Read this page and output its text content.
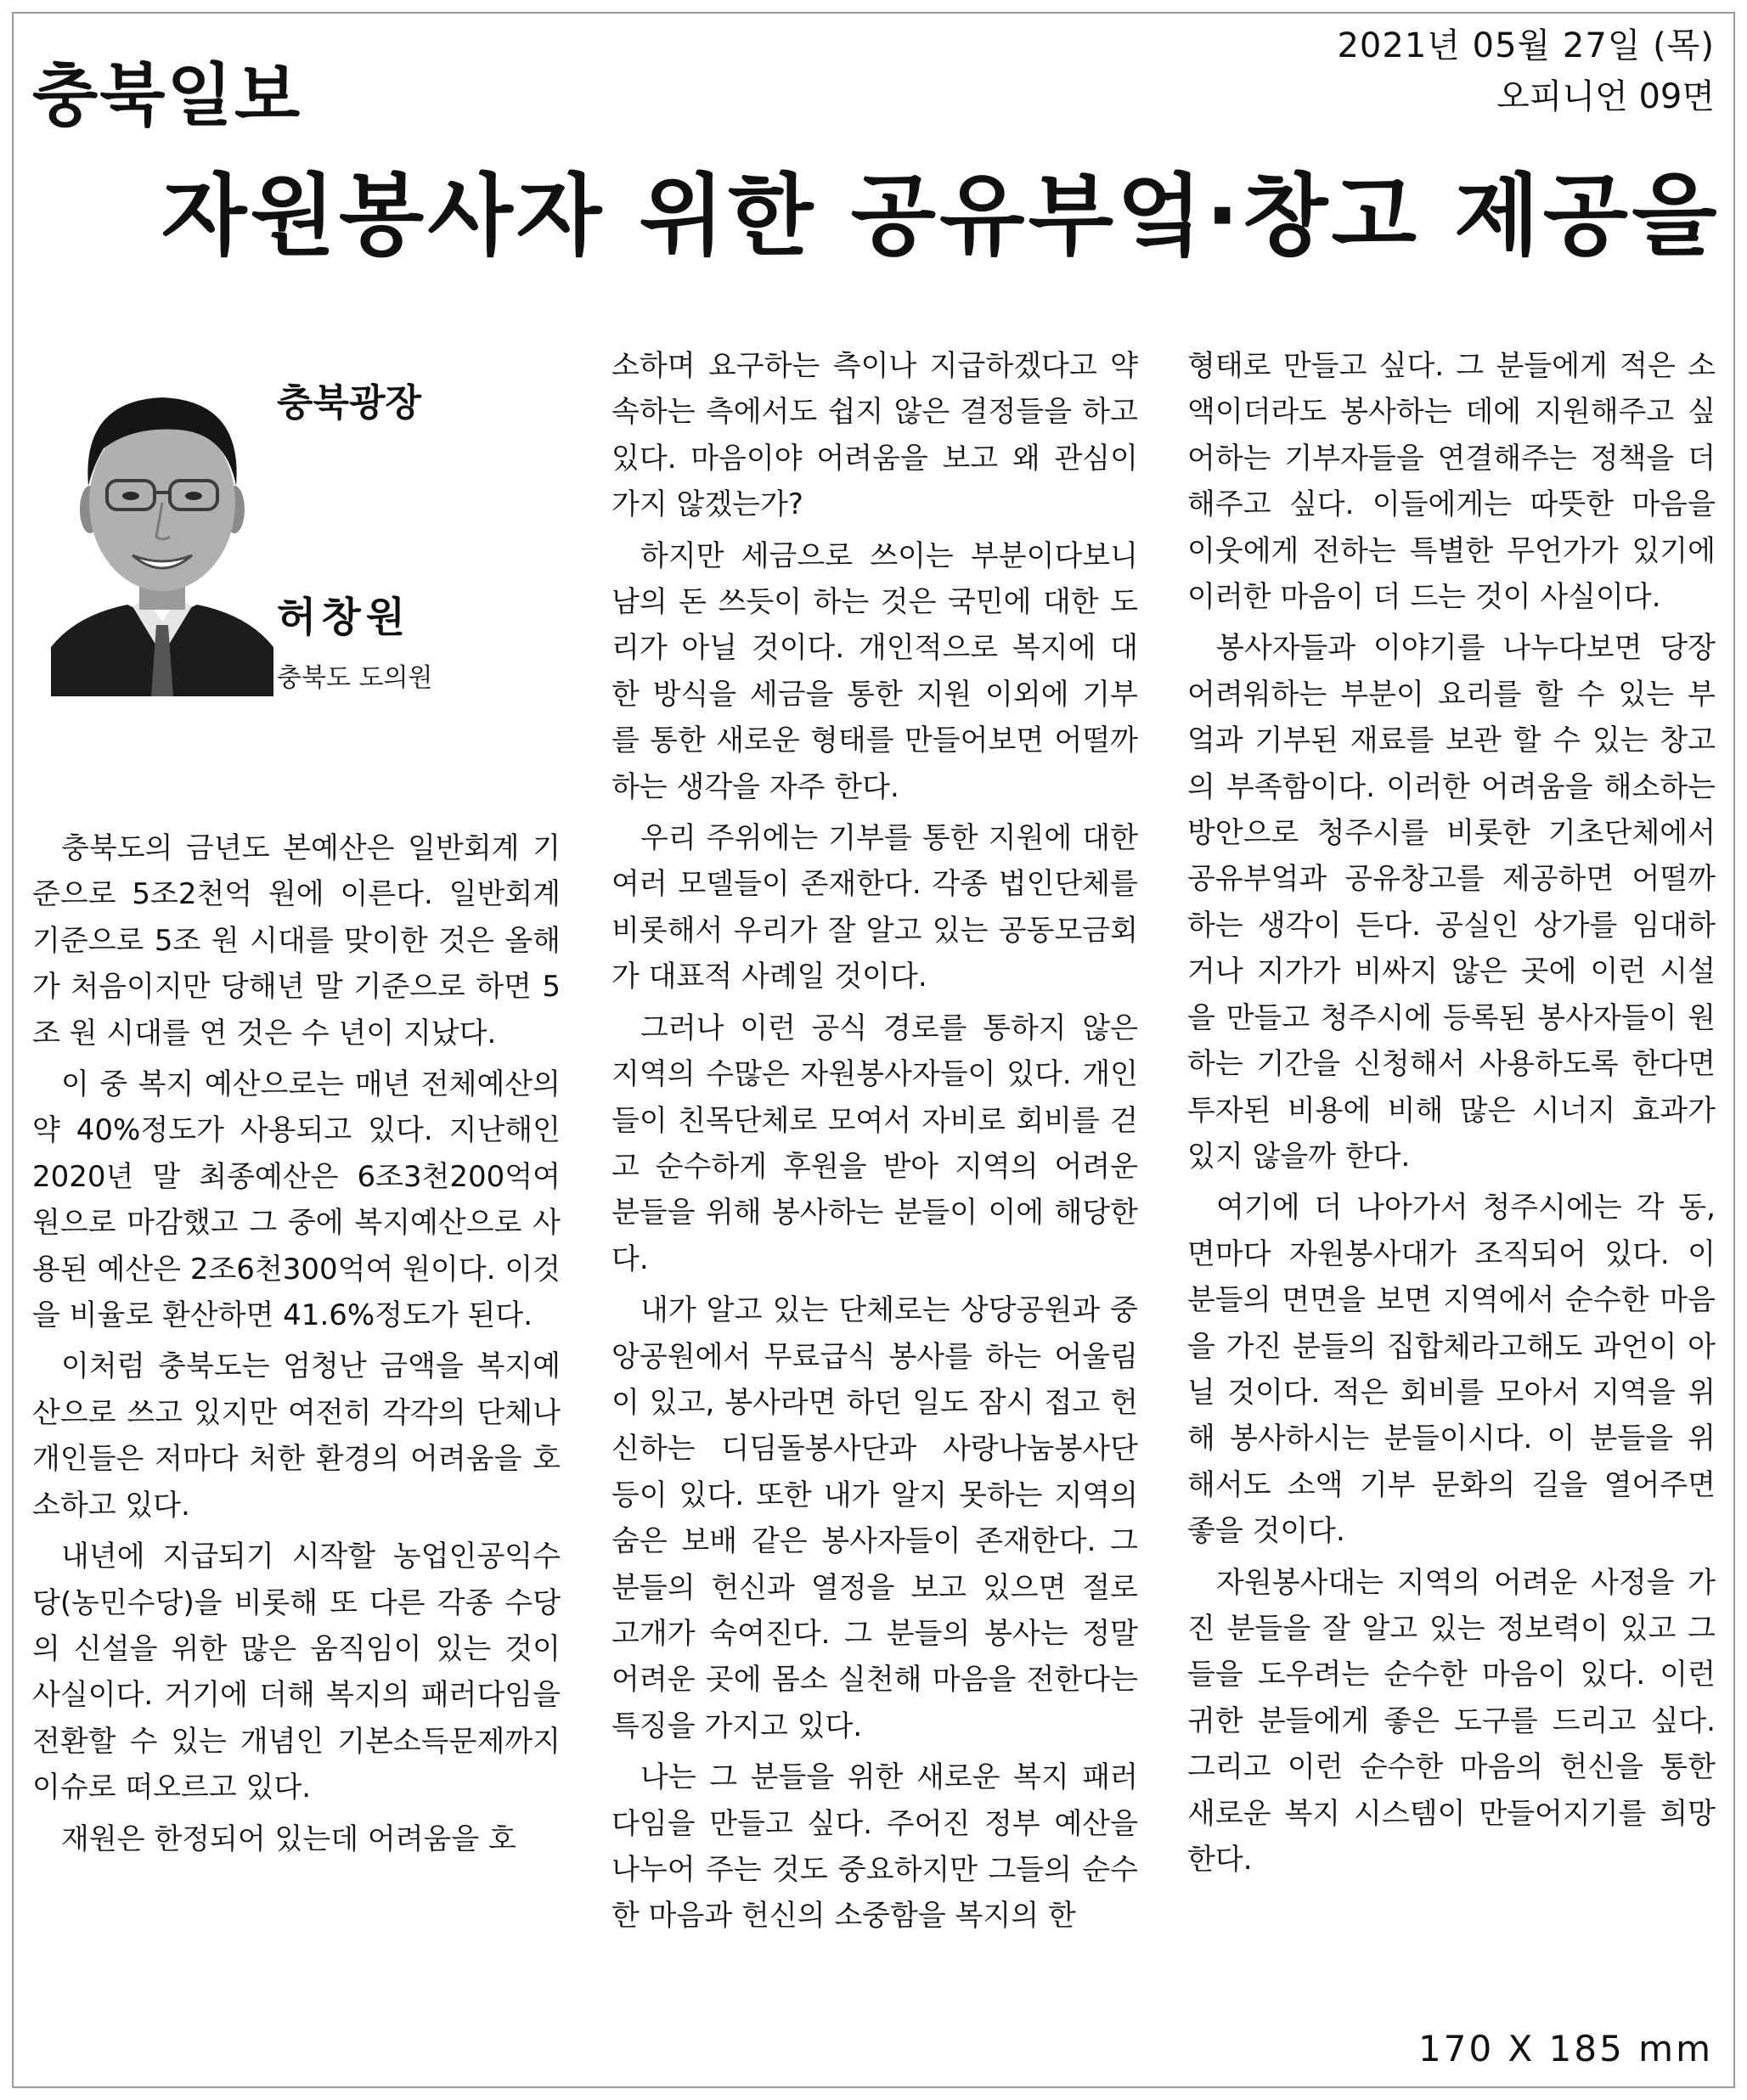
2021년 05월 27일 (목)
오피니언 09면
충북일보
자원봉사자 위한 공유부엌·창고 제공을
충북광장
허창원
충북도 도의원

충북도의 금년도 본예산은 일반회계 기준으로 5조2천억 원에 이른다. 일반회계 기준으로 5조 원 시대를 맞이한 것은 올해가 처음이지만 당해년 말 기준으로 하면 5조 원 시대를 연 것은 수 년이 지났다.

이 중 복지 예산으로는 매년 전체예산의 약 40%정도가 사용되고 있다. 지난해인 2020년 말 최종예산은 6조3천200억여 원으로 마감했고 그 중에 복지예산으로 사용된 예산은 2조6천300억여 원이다. 이것을 비율로 환산하면 41.6%정도가 된다.

이처럼 충북도는 엄청난 금액을 복지예산으로 쓰고 있지만 여전히 각각의 단체나 개인들은 저마다 처한 환경의 어려움을 호소하고 있다.

내년에 지급되기 시작할 농업인공익수당(농민수당)을 비롯해 또 다른 각종 수당의 신설을 위한 많은 움직임이 있는 것이 사실이다. 거기에 더해 복지의 패러다임을 전환할 수 있는 개념인 기본소득문제까지 이슈로 떠오르고 있다.

재원은 한정되어 있는데 어려움을 호

소하며 요구하는 측이나 지급하겠다고 약속하는 측에서도 쉽지 않은 결정들을 하고 있다. 마음이야 어려움을 보고 왜 관심이 가지 않겠는가?

하지만 세금으로 쓰이는 부분이다보니 남의 돈 쓰듯이 하는 것은 국민에 대한 도리가 아닐 것이다. 개인적으로 복지에 대한 방식을 세금을 통한 지원 이외에 기부를 통한 새로운 형태를 만들어보면 어떨까하는 생각을 자주 한다.

우리 주위에는 기부를 통한 지원에 대한 여러 모델들이 존재한다. 각종 법인단체를 비롯해서 우리가 잘 알고 있는 공동모금회가 대표적 사례일 것이다.

그러나 이런 공식 경로를 통하지 않은 지역의 수많은 자원봉사자들이 있다. 개인들이 친목단체로 모여서 자비로 회비를 걷고 순수하게 후원을 받아 지역의 어려운 분들을 위해 봉사하는 분들이 이에 해당한다.

내가 알고 있는 단체로는 상당공원과 중앙공원에서 무료급식 봉사를 하는 어울림이 있고, 봉사라면 하던 일도 잠시 접고 헌신하는 디딤돌봉사단과 사랑나눔봉사단 등이 있다. 또한 내가 알지 못하는 지역의 숨은 보배 같은 봉사자들이 존재한다. 그 분들의 헌신과 열정을 보고 있으면 절로 고개가 숙여진다. 그 분들의 봉사는 정말 어려운 곳에 몸소 실천해 마음을 전한다는 특징을 가지고 있다.

나는 그 분들을 위한 새로운 복지 패러다임을 만들고 싶다. 주어진 정부 예산을 나누어 주는 것도 중요하지만 그들의 순수한 마음과 헌신의 소중함을 복지의 한

형태로 만들고 싶다. 그 분들에게 적은 소액이더라도 봉사하는 데에 지원해주고 싶어하는 기부자들을 연결해주는 정책을 더해주고 싶다. 이들에게는 따뜻한 마음을 이웃에게 전하는 특별한 무언가가 있기에 이러한 마음이 더 드는 것이 사실이다.

봉사자들과 이야기를 나누다보면 당장 어려워하는 부분이 요리를 할 수 있는 부엌과 기부된 재료를 보관 할 수 있는 창고의 부족함이다. 이러한 어려움을 해소하는 방안으로 청주시를 비롯한 기초단체에서 공유부엌과 공유창고를 제공하면 어떨까하는 생각이 든다. 공실인 상가를 임대하거나 지가가 비싸지 않은 곳에 이런 시설을 만들고 청주시에 등록된 봉사자들이 원하는 기간을 신청해서 사용하도록 한다면 투자된 비용에 비해 많은 시너지 효과가 있지 않을까 한다.

여기에 더 나아가서 청주시에는 각 동, 면마다 자원봉사대가 조직되어 있다. 이 분들의 면면을 보면 지역에서 순수한 마음을 가진 분들의 집합체라고해도 과언이 아닐 것이다. 적은 회비를 모아서 지역을 위해 봉사하시는 분들이시다. 이 분들을 위해서도 소액 기부 문화의 길을 열어주면 좋을 것이다.

자원봉사대는 지역의 어려운 사정을 가진 분들을 잘 알고 있는 정보력이 있고 그들을 도우려는 순수한 마음이 있다. 이런 귀한 분들에게 좋은 도구를 드리고 싶다. 그리고 이런 순수한 마음의 헌신을 통한 새로운 복지 시스템이 만들어지기를 희망한다.

170 X 185 mm
